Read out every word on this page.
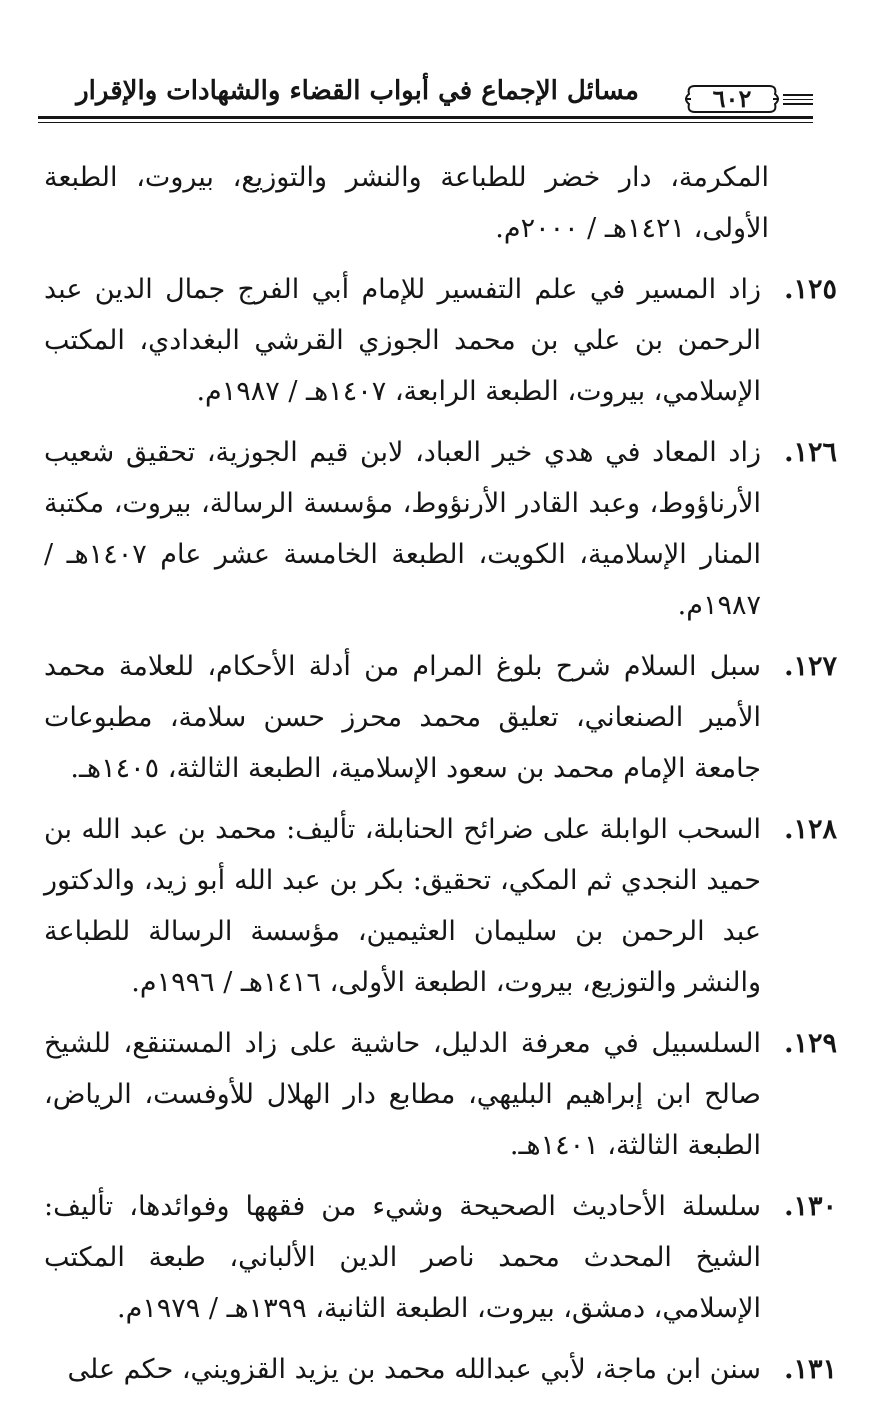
مسائل الإجماع في أبواب القضاء والشهادات والإقرار	٦٠٢
المكرمة، دار خضر للطباعة والنشر والتوزيع، بيروت، الطبعة الأولى، ١٤٢١هـ / ٢٠٠٠م.
١٢٥.
زاد المسير في علم التفسير للإمام أبي الفرج جمال الدين عبد الرحمن بن علي بن محمد الجوزي القرشي البغدادي، المكتب الإسلامي، بيروت، الطبعة الرابعة، ١٤٠٧هـ / ١٩٨٧م.
١٢٦.
زاد المعاد في هدي خير العباد، لابن قيم الجوزية، تحقيق شعيب الأرناؤوط، وعبد القادر الأرنؤوط، مؤسسة الرسالة، بيروت، مكتبة المنار الإسلامية، الكويت، الطبعة الخامسة عشر عام ١٤٠٧هـ / ١٩٨٧م.
١٢٧.
سبل السلام شرح بلوغ المرام من أدلة الأحكام، للعلامة محمد الأمير الصنعاني، تعليق محمد محرز حسن سلامة، مطبوعات جامعة الإمام محمد بن سعود الإسلامية، الطبعة الثالثة، ١٤٠٥هـ.
١٢٨.
السحب الوابلة على ضرائح الحنابلة، تأليف: محمد بن عبد الله بن حميد النجدي ثم المكي، تحقيق: بكر بن عبد الله أبو زيد، والدكتور عبد الرحمن بن سليمان العثيمين، مؤسسة الرسالة للطباعة والنشر والتوزيع، بيروت، الطبعة الأولى، ١٤١٦هـ / ١٩٩٦م.
١٢٩.
السلسبيل في معرفة الدليل، حاشية على زاد المستنقع، للشيخ صالح ابن إبراهيم البليهي، مطابع دار الهلال للأوفست، الرياض، الطبعة الثالثة، ١٤٠١هـ.
١٣٠.
سلسلة الأحاديث الصحيحة وشيء من فقهها وفوائدها، تأليف: الشيخ المحدث محمد ناصر الدين الألباني، طبعة المكتب الإسلامي، دمشق، بيروت، الطبعة الثانية، ١٣٩٩هـ / ١٩٧٩م.
١٣١.
سنن ابن ماجة، لأبي عبدالله محمد بن يزيد القزويني، حكم على
